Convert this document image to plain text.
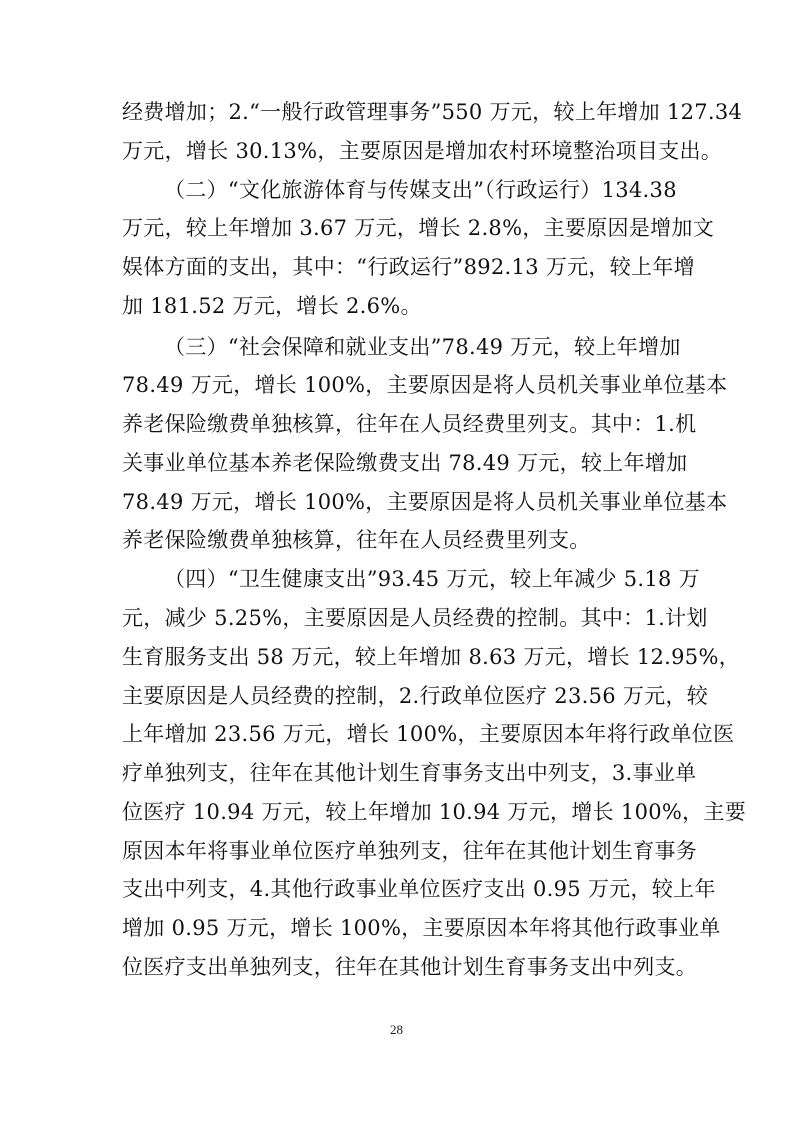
经费增加；2.“一般行政管理事务”550 万元，较上年增加 127.34
万元，增长 30.13%，主要原因是增加农村环境整治项目支出。
（二）“文化旅游体育与传媒支出”（行政运行）134.38
万元，较上年增加 3.67 万元，增长 2.8%，主要原因是增加文
娱体方面的支出，其中：“行政运行”892.13 万元，较上年增
加 181.52 万元，增长 2.6%。
（三）“社会保障和就业支出”78.49 万元，较上年增加
78.49 万元，增长 100%，主要原因是将人员机关事业单位基本
养老保险缴费单独核算，往年在人员经费里列支。其中：1.机
关事业单位基本养老保险缴费支出 78.49 万元，较上年增加
78.49 万元，增长 100%，主要原因是将人员机关事业单位基本
养老保险缴费单独核算，往年在人员经费里列支。
（四）“卫生健康支出”93.45 万元，较上年减少 5.18 万
元，减少 5.25%，主要原因是人员经费的控制。其中：1.计划
生育服务支出 58 万元，较上年增加 8.63 万元，增长 12.95%，
主要原因是人员经费的控制，2.行政单位医疗 23.56 万元，较
上年增加 23.56 万元，增长 100%，主要原因本年将行政单位医
疗单独列支，往年在其他计划生育事务支出中列支，3.事业单
位医疗 10.94 万元，较上年增加 10.94 万元，增长 100%，主要
原因本年将事业单位医疗单独列支，往年在其他计划生育事务
支出中列支，4.其他行政事业单位医疗支出 0.95 万元，较上年
增加 0.95 万元，增长 100%，主要原因本年将其他行政事业单
位医疗支出单独列支，往年在其他计划生育事务支出中列支。
28
